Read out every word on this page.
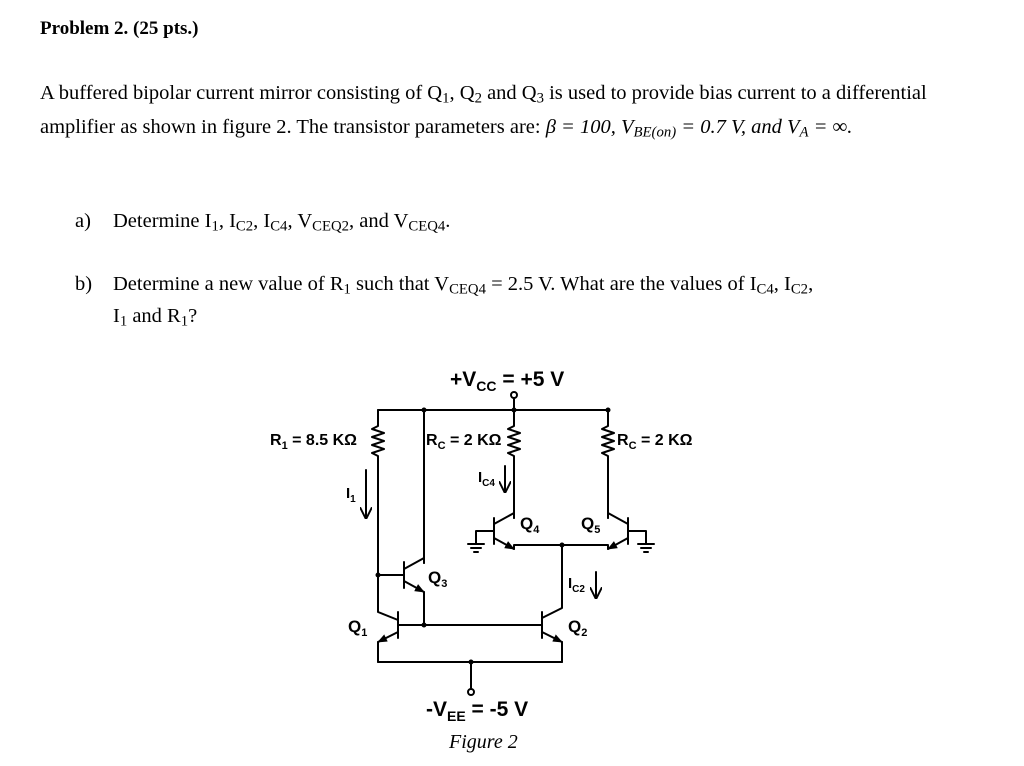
Problem 2. (25 pts.)
A buffered bipolar current mirror consisting of $Q_1$, $Q_2$ and $Q_3$ is used to provide bias current to a differential amplifier as shown in figure 2. The transistor parameters are: β = 100, $V_{BE(on)} = 0.7$ V, and $V_A$ = ∞.
a) Determine $I_1$, $I_{C2}$, $I_{C4}$, $V_{CEQ2}$, and $V_{CEQ4}$.
b) Determine a new value of $R_1$ such that $V_{CEQ4} = 2.5$ V. What are the values of $I_{C4}$, $I_{C2}$,
$I_1$ and $R_1$?
$+V_{CC} = +5$ V
$R_1 = 8.5$ KΩ	$R_C = 2$ KΩ	$R_C = 2$ KΩ
$I_1$
$I_{C4}$
$I_{C2}$
$Q_4$ $Q_5$
$Q_3$
$Q_1$	$Q_2$
$-V_{EE} = -5$ V
Figure 2
